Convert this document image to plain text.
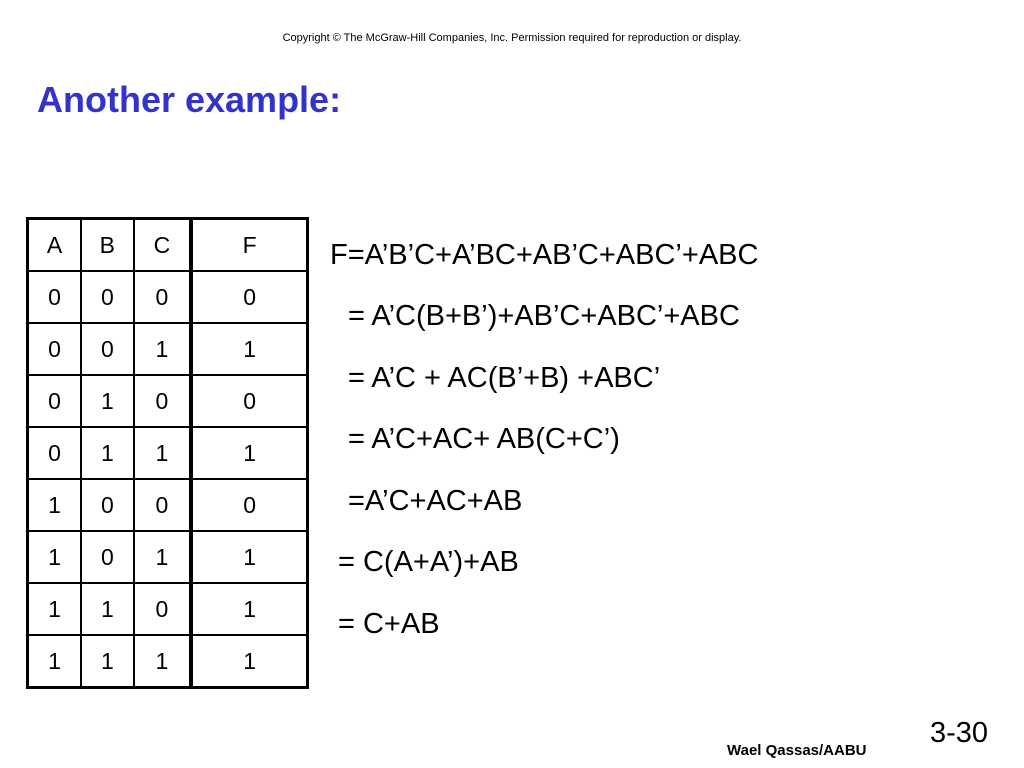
Copyright © The McGraw-Hill Companies, Inc. Permission required for reproduction or display.
Another example:
A	B	C	F
0	0	0	0
0	0	1	1
0	1	0	0
0	1	1	1
1	0	0	0
1	0	1	1
1	1	0	1
1	1	1	1
F=A’B’C+A’BC+AB’C+ABC’+ABC
= A’C(B+B’)+AB’C+ABC’+ABC
= A’C + AC(B’+B) +ABC’
= A’C+AC+ AB(C+C’)
=A’C+AC+AB
= C(A+A’)+AB
= C+AB
3-30
Wael Qassas/AABU
